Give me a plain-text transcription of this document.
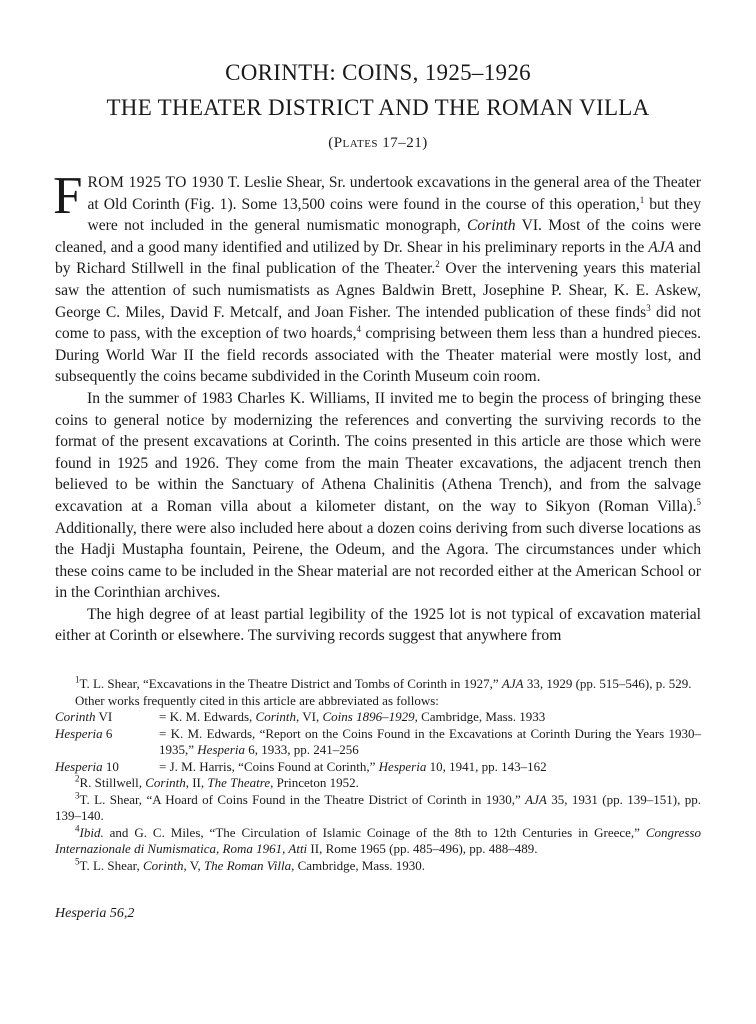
CORINTH: COINS, 1925–1926
THE THEATER DISTRICT AND THE ROMAN VILLA
(Plates 17–21)

FROM 1925 TO 1930 T. Leslie Shear, Sr. undertook excavations in the general area of the Theater at Old Corinth (Fig. 1). Some 13,500 coins were found in the course of this operation,$^1$ but they were not included in the general numismatic monograph, Corinth VI. Most of the coins were cleaned, and a good many identified and utilized by Dr. Shear in his preliminary reports in the AJA and by Richard Stillwell in the final publication of the Theater.$^2$ Over the intervening years this material saw the attention of such numismatists as Agnes Baldwin Brett, Josephine P. Shear, K. E. Askew, George C. Miles, David F. Metcalf, and Joan Fisher. The intended publication of these finds$^3$ did not come to pass, with the exception of two hoards,$^4$ comprising between them less than a hundred pieces. During World War II the field records associated with the Theater material were mostly lost, and subsequently the coins became subdivided in the Corinth Museum coin room.

In the summer of 1983 Charles K. Williams, II invited me to begin the process of bringing these coins to general notice by modernizing the references and converting the surviving records to the format of the present excavations at Corinth. The coins presented in this article are those which were found in 1925 and 1926. They come from the main Theater excavations, the adjacent trench then believed to be within the Sanctuary of Athena Chalinitis (Athena Trench), and from the salvage excavation at a Roman villa about a kilometer distant, on the way to Sikyon (Roman Villa).$^5$ Additionally, there were also included here about a dozen coins deriving from such diverse locations as the Hadji Mustapha fountain, Peirene, the Odeum, and the Agora. The circumstances under which these coins came to be included in the Shear material are not recorded either at the American School or in the Corinthian archives.

The high degree of at least partial legibility of the 1925 lot is not typical of excavation material either at Corinth or elsewhere. The surviving records suggest that anywhere from

$^1$T. L. Shear, “Excavations in the Theatre District and Tombs of Corinth in 1927,” AJA 33, 1929 (pp. 515–546), p. 529.

Other works frequently cited in this article are abbreviated as follows:

Corinth VI	= K. M. Edwards, Corinth, VI, Coins 1896–1929, Cambridge, Mass. 1933
Hesperia 6	= K. M. Edwards, “Report on the Coins Found in the Excavations at Corinth During the Years 1930–1935,” Hesperia 6, 1933, pp. 241–256
Hesperia 10	= J. M. Harris, “Coins Found at Corinth,” Hesperia 10, 1941, pp. 143–162

$^2$R. Stillwell, Corinth, II, The Theatre, Princeton 1952.

$^3$T. L. Shear, “A Hoard of Coins Found in the Theatre District of Corinth in 1930,” AJA 35, 1931 (pp. 139–151), pp. 139–140.

$^4$Ibid. and G. C. Miles, “The Circulation of Islamic Coinage of the 8th to 12th Centuries in Greece,” Congresso Internazionale di Numismatica, Roma 1961, Atti II, Rome 1965 (pp. 485–496), pp. 488–489.

$^5$T. L. Shear, Corinth, V, The Roman Villa, Cambridge, Mass. 1930.

Hesperia 56,2
